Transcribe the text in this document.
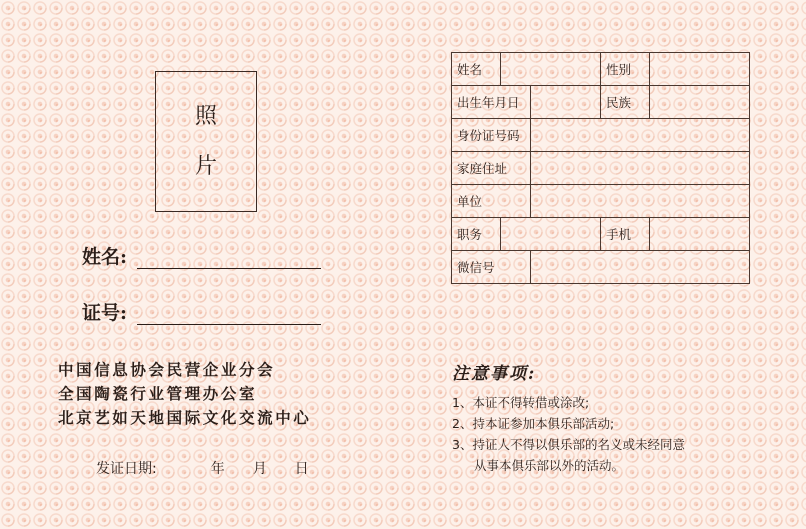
照
片
姓名:
证号:
中国信息协会民营企业分会
全国陶瓷行业管理办公室
北京艺如天地国际文化交流中心
发证日期:	年 月 日
姓名			性别	
出生年月日			民族	
身份证号码				
家庭住址				
单位				
职务			手机	
微信号				
注意事项:
1、本证不得转借或涂改;
2、持本证参加本俱乐部活动;
3、持证人不得以俱乐部的名义或未经同意
从事本俱乐部以外的活动。
